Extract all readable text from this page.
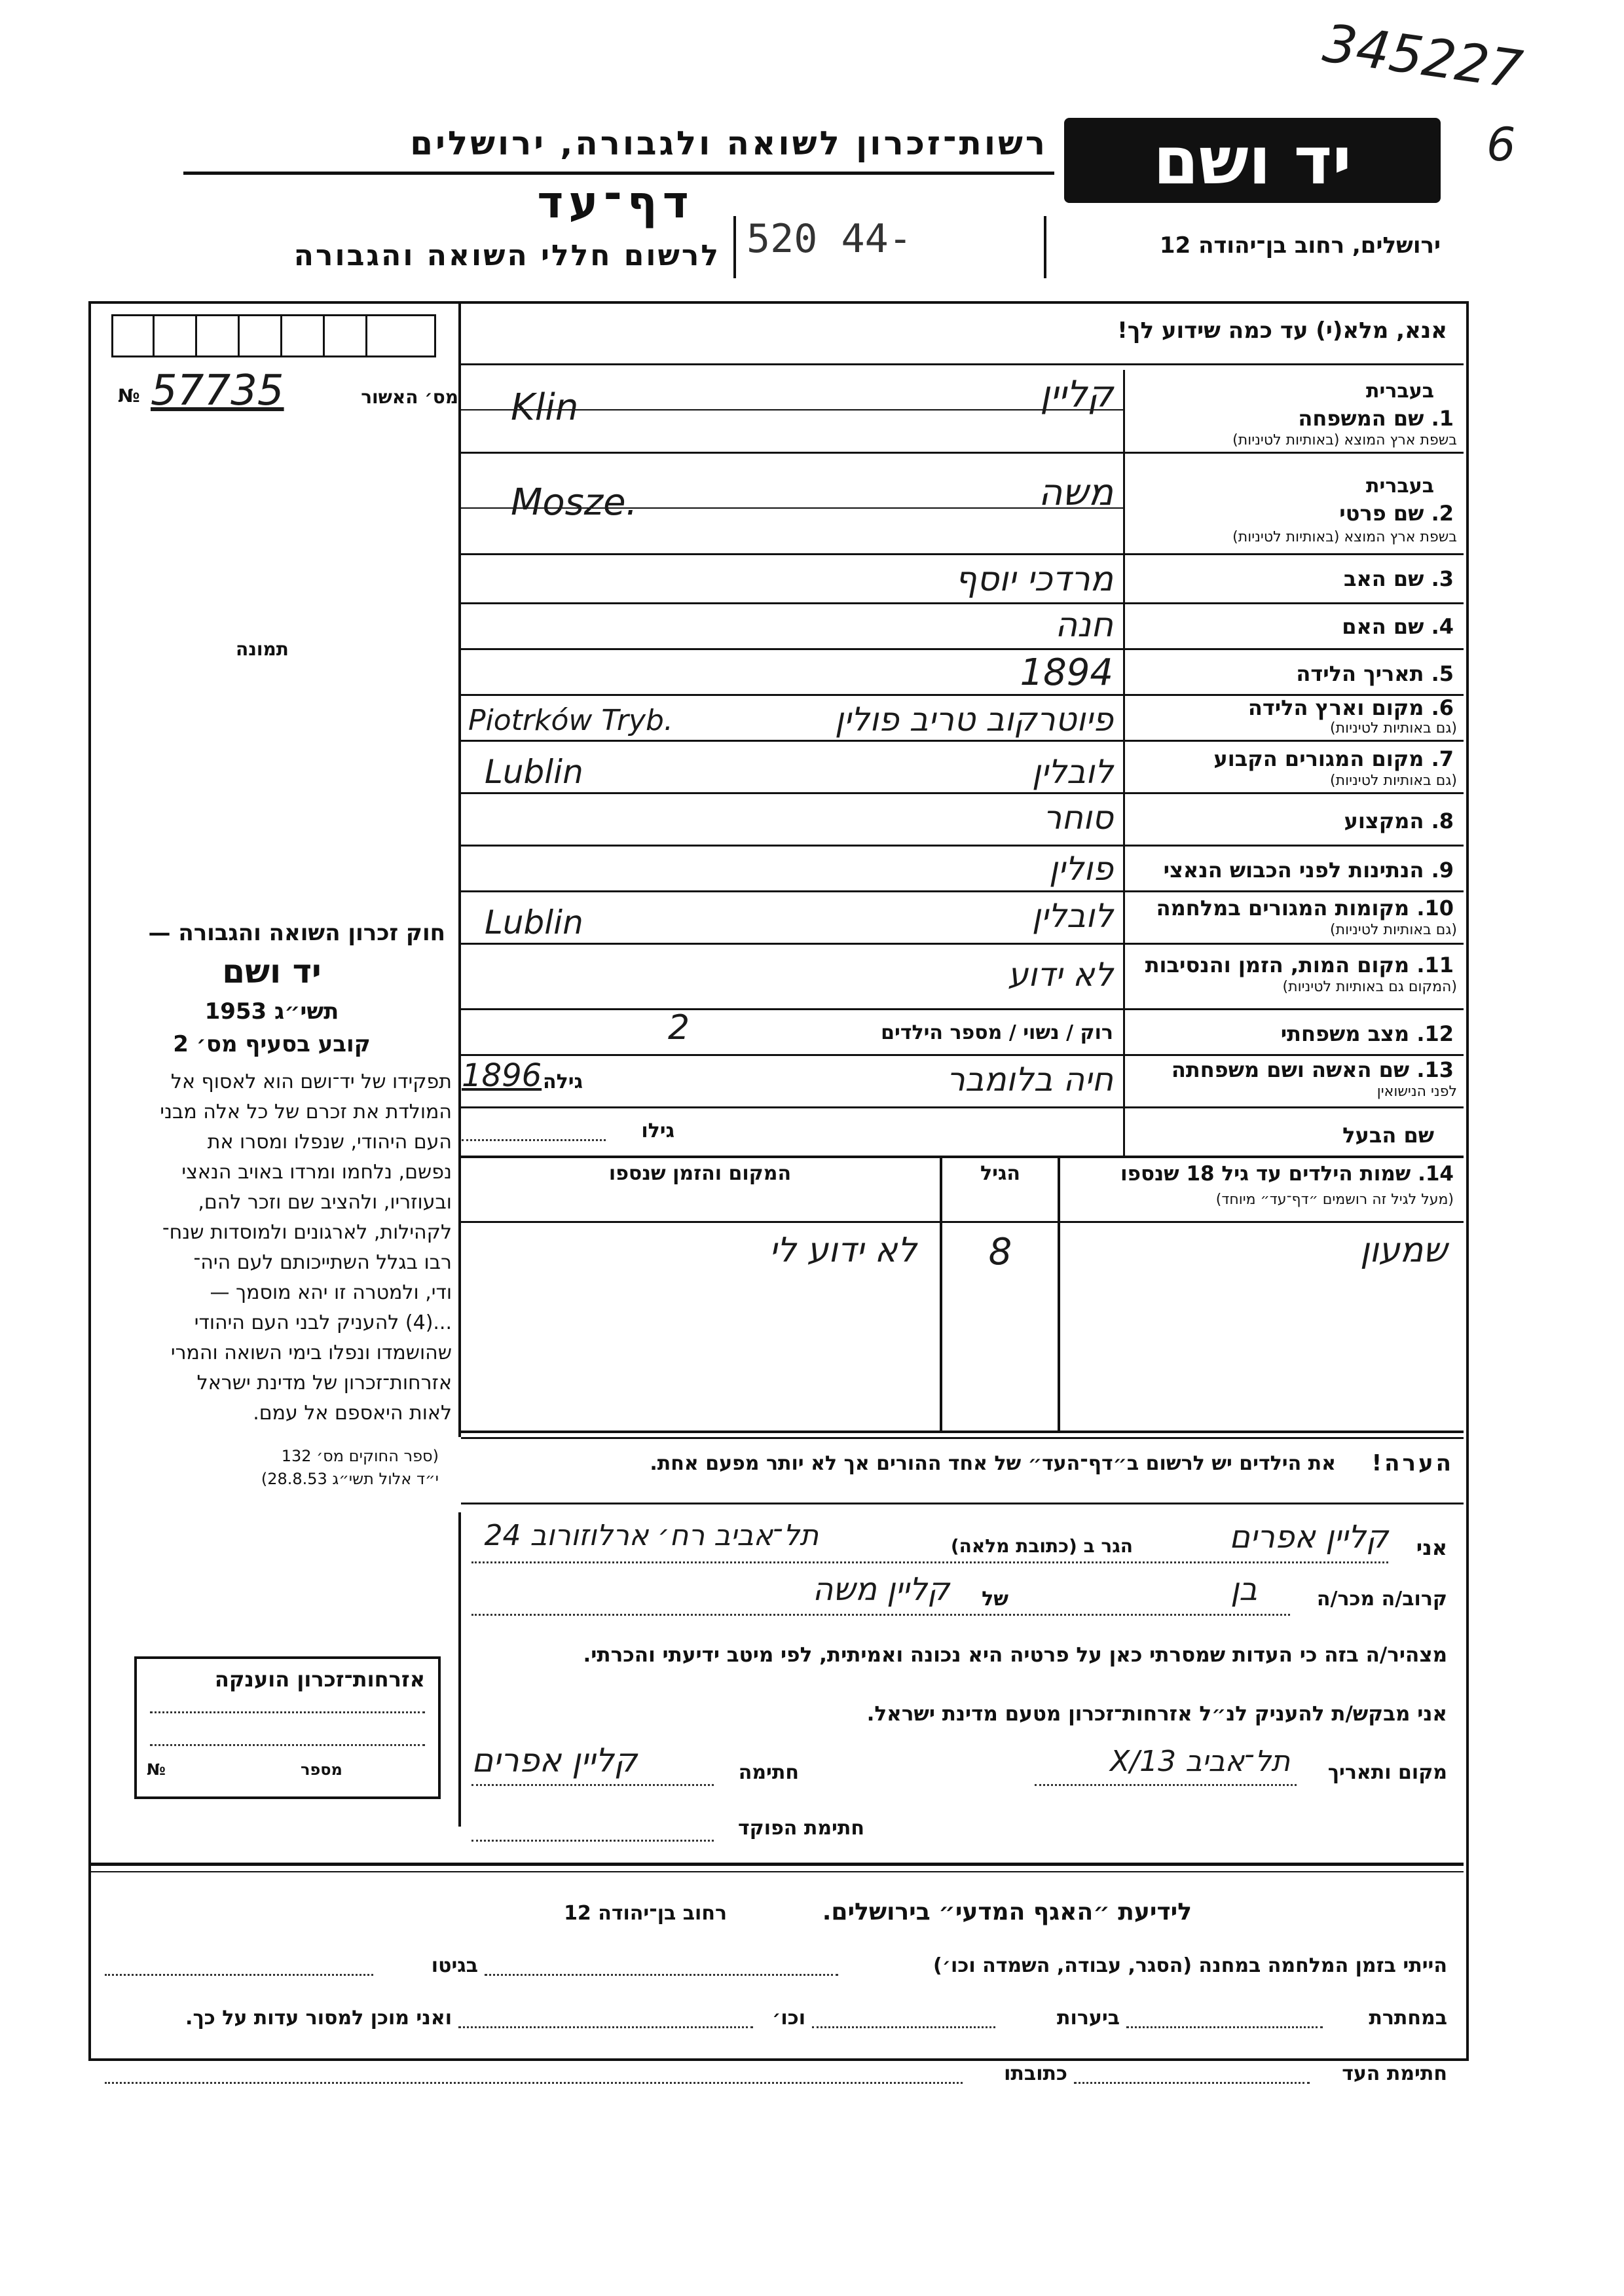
345227
6
יד ושם
רשות־זכרון לשואה ולגבורה, ירושלים
דף־עד
ירושלים, רחוב בן־יהודה 12
לרשום חללי השואה והגבורה 520 44-
אנא, מלא(י) עד כמה שידוע לך!
מס׳ האשור
№ 57735
תמונה
חוק זכרון השואה והגבורה —
יד ושם
תשי״ג 1953
קובע בסעיף מס׳ 2
תפקידו של יד־ושם הוא לאסוף אל
המולדת את זכרם של כל אלה מבני
העם היהודי, שנפלו ומסרו את
נפשם, נלחמו ומרדו באויב הנאצי
ובעוזריו, ולהציב שם וזכר להם,
לקהילות, לארגונים ולמוסדות שנח־
רבו בגלל השתייכותם לעם היה־
ודי, ולמטרה זו יהא מוסמך —
...(4) להעניק לבני העם היהודי
שהושמדו ונפלו בימי השואה והמרי
אזרחות־זכרון של מדינת ישראל
לאות היאספם אל עמם.
(ספר החוקים מס׳ 132
י״ד אלול תשי״ג 28.8.53)
אזרחות־זכרון הוענקה
№	מספר
בעברית
1. שם המשפחה
בשפת ארץ המוצא (באותיות לטיניות)
קליין
Klin
בעברית
2. שם פרטי
בשפת ארץ המוצא (באותיות לטיניות)
משה
Mosze.
3. שם האב
מרדכי יוסף
4. שם האם
חנה
5. תאריך הלידה
1894
6. מקום וארץ הלידה
(גם באותיות לטיניות)
פיוטרקוב טריב פולין
Piotrków Tryb.
7. מקום המגורים הקבוע
(גם באותיות לטיניות)
לובלין
Lublin
8. המקצוע
סוחר
9. הנתינות לפני הכבוש הנאצי
פולין
10. מקומות המגורים במלחמה
(גם באותיות לטיניות)
לובלין
Lublin
11. מקום המות, הזמן והנסיבות
(המקום גם באותיות לטיניות)
לא ידוע
12. מצב משפחתי
רוק / נשוי / מספר הילדים
2
13. שם האשה ושם משפחתה
לפני הנישואין
חיה בלומבר
גילה
1896
שם הבעל
גילו
14. שמות הילדים עד גיל 18 שנספו
(מעל לגיל זה רושמים ״דף־עד״ מיוחד)
הגיל
המקום והזמן שנספו
שמעון
8
לא ידוע לי
הערה!
את הילדים יש לרשום ב״דף־העד״ של אחד ההורים אך לא יותר מפעם אחת.
אני
קליין אפרים
הגר ב (כתובת מלאה)
תל־אביב רח׳ ארלוזורוב 24
קרוב/ה מכר/ה
בן
של
קליין משה
מצהיר/ה בזה כי העדות שמסרתי כאן על פרטיה היא נכונה ואמיתית, לפי מיטב ידיעתי והכרתי.
אני מבקש/ת להעניק לנ״ל אזרחות־זכרון מטעם מדינת ישראל.
מקום ותאריך
תל־אביב 13/X
חתימה
קליין אפרים
חתימת הפוקד
לידיעת ״האגף המדעי״ בירושלים.
רחוב בן־יהודה 12
הייתי בזמן המלחמה במחנה (הסגר, עבודה, השמדה וכו׳)
בגיטו
במחתרת
ביערות
וכו׳
ואני מוכן למסור עדות על כך.
חתימת העד
כתובתו
